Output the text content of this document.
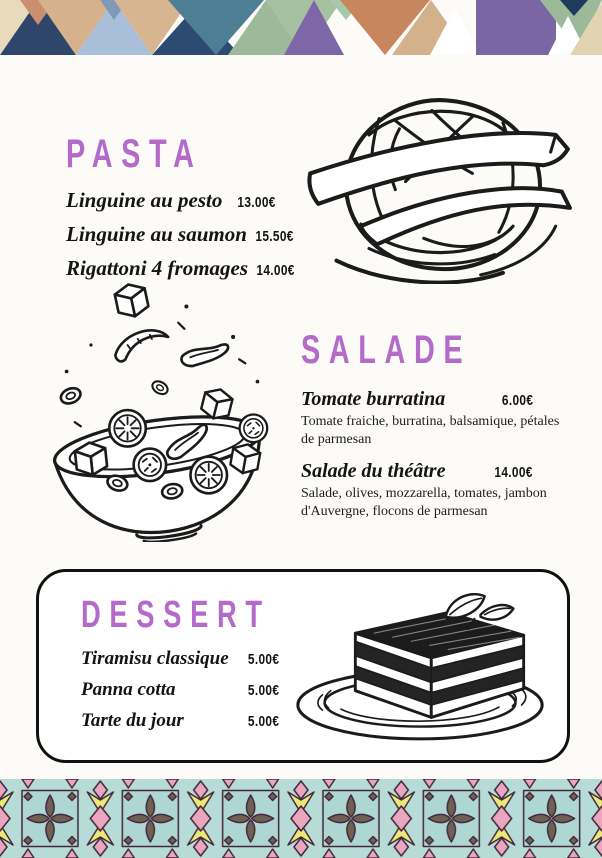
PASTA
Linguine au pesto 13.00€
Linguine au saumon 15.50€
Rigattoni 4 fromages 14.00€
SALADE
Tomate burratina	6.00€

Tomate fraiche, burratina, balsamique, pétales de parmesan

Salade du théâtre	14.00€

Salade, olives, mozzarella, tomates, jambon d'Auvergne, flocons de parmesan

DESSERT
Tiramisu classique 5.00€
Panna cotta	5.00€
Tarte du jour	5.00€
